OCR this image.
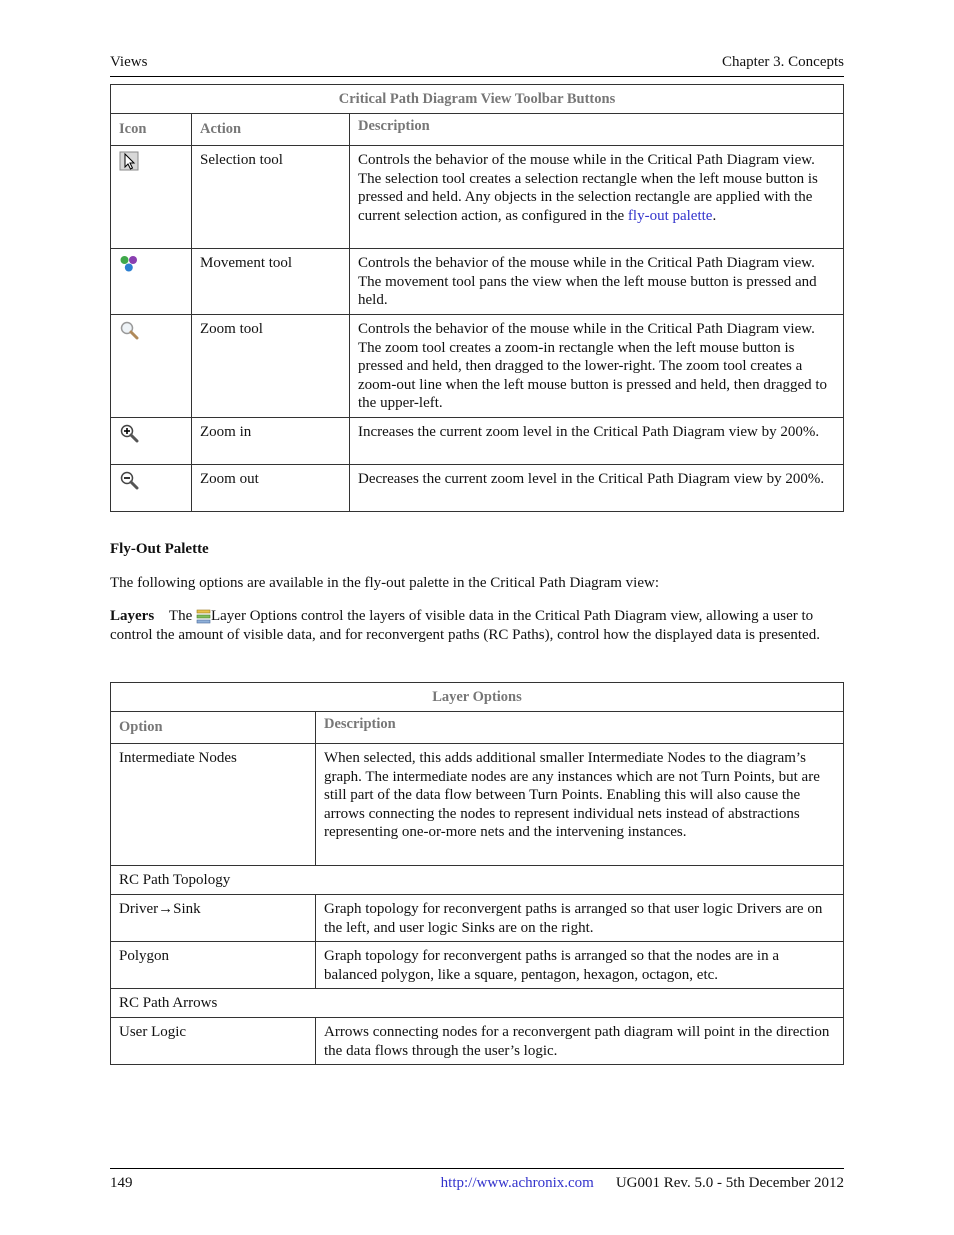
Views	Chapter 3. Concepts
Critical Path Diagram View Toolbar Buttons		
Icon	Action	Description
	Selection tool	Controls the behavior of the mouse while in the Critical Path Diagram view. The selection tool creates a selection rectangle when the left mouse button is pressed and held. Any objects in the selection rectangle are applied with the current selection action, as configured in the fly-out palette.
	Movement tool	Controls the behavior of the mouse while in the Critical Path Diagram view. The movement tool pans the view when the left mouse button is pressed and held.
	Zoom tool	Controls the behavior of the mouse while in the Critical Path Diagram view. The zoom tool creates a zoom-in rectangle when the left mouse button is pressed and held, then dragged to the lower-right. The zoom tool creates a zoom-out line when the left mouse button is pressed and held, then dragged to the upper-left.
	Zoom in	Increases the current zoom level in the Critical Path Diagram view by 200%.
	Zoom out	Decreases the current zoom level in the Critical Path Diagram view by 200%.
Fly-Out Palette
The following options are available in the fly-out palette in the Critical Path Diagram view:
Layers The Layer Options control the layers of visible data in the Critical Path Diagram view, allowing a user to control the amount of visible data, and for reconvergent paths (RC Paths), control how the displayed data is presented.
Layer Options	
Option	Description
Intermediate Nodes	When selected, this adds additional smaller Intermediate Nodes to the diagram’s graph. The intermediate nodes are any instances which are not Turn Points, but are still part of the data flow between Turn Points. Enabling this will also cause the arrows connecting the nodes to represent individual nets instead of abstractions representing one-or-more nets and the intervening instances.
RC Path Topology	
Driver→Sink	Graph topology for reconvergent paths is arranged so that user logic Drivers are on the left, and user logic Sinks are on the right.
Polygon	Graph topology for reconvergent paths is arranged so that the nodes are in a balanced polygon, like a square, pentagon, hexagon, octagon, etc.
RC Path Arrows	
User Logic	Arrows connecting nodes for a reconvergent path diagram will point in the direction the data flows through the user’s logic.
149	http://www.achronix.com UG001 Rev. 5.0 - 5th December 2012
